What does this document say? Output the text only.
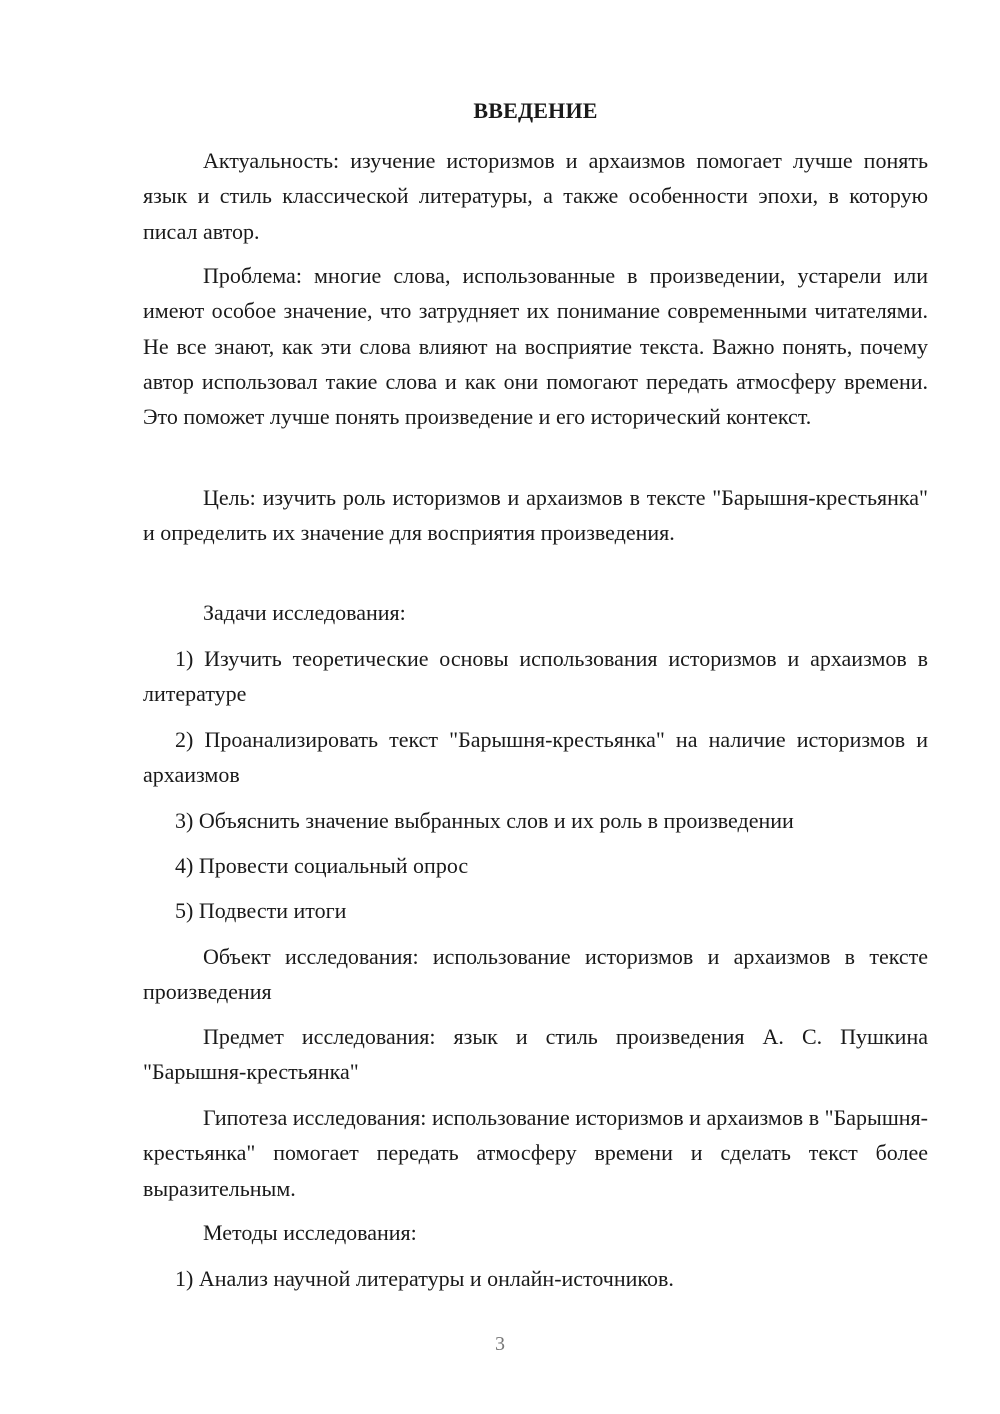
ВВЕДЕНИЕ

Актуальность: изучение историзмов и архаизмов помогает лучше понять язык и стиль классической литературы, а также особенности эпохи, в которую писал автор.

Проблема: многие слова, использованные в произведении, устарели или имеют особое значение, что затрудняет их понимание современными читателями. Не все знают, как эти слова влияют на восприятие текста. Важно понять, почему автор использовал такие слова и как они помогают передать атмосферу времени. Это поможет лучше понять произведение и его исторический контекст.

Цель: изучить роль историзмов и архаизмов в тексте "Барышня-крестьянка" и определить их значение для восприятия произведения.

Задачи исследования:

1) Изучить теоретические основы использования историзмов и архаизмов в литературе

2) Проанализировать текст "Барышня-крестьянка" на наличие историзмов и архаизмов

3) Объяснить значение выбранных слов и их роль в произведении

4) Провести социальный опрос

5) Подвести итоги

Объект исследования: использование историзмов и архаизмов в тексте произведения

Предмет исследования: язык и стиль произведения А. С. Пушкина "Барышня-крестьянка"

Гипотеза исследования: использование историзмов и архаизмов в "Барышня-крестьянка" помогает передать атмосферу времени и сделать текст более выразительным.

Методы исследования:

1) Анализ научной литературы и онлайн-источников.

3
